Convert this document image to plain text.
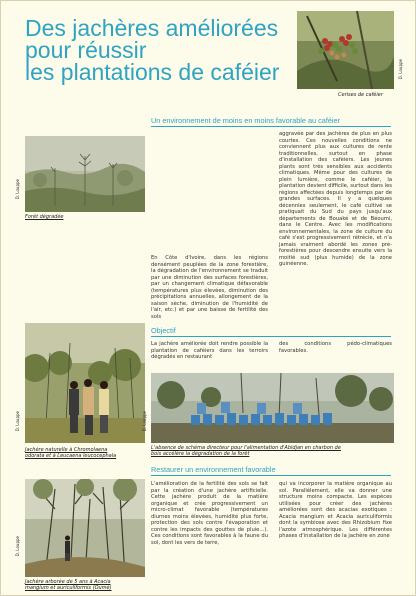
Des jachères améliorées
pour réussir
les plantations de caféier	D. Louppe
Cerises de caféier
Un environnement de moins en moins favorable au caféier
D. Louppe
Forêt dégradée
En Côte d'Ivoire, dans les régions densément peuplées de la zone forestière, la dégradation de l'environnement se traduit par une diminution des surfaces forestières, par un changement climatique défavorable (températures plus élevées, diminution des précipitations annuelles, allongement de la saison sèche, diminution de l'humidité de l'air, etc.) et par une baisse de fertilité des sols
aggravée par des jachères de plus en plus courtes. Ces nouvelles conditions ne conviennent plus aux cultures de rente traditionnelles, surtout en phase d'installation des caféiers. Les jeunes plants sont très sensibles aux accidents climatiques. Même pour des cultures de plein lumière, comme le caféier, la plantation devient difficile, surtout dans les régions affectées depuis longtemps par de grandes surfaces. Il y a quelques décennies seulement, le café cultivé se pratiquait du Sud du pays jusqu'aux départements de Bouaké et de Béoumi, dans le Centre. Avec les modifications environnementales, la zone de culture du café s'est progressivement rétrécie, et n'a jamais vraiment abordé les zones pré-forestières pour descendre ensuite vers la moitié sud (plus humide) de la zone guinéenne.
Objectif
La jachère améliorée doit rendre possible la plantation de caféiers dans les terroirs dégradés en restaurant
des conditions pédo-climatiques favorables.
D. Louppe
Jachère naturelle à Chromolaena
odorata et à Leucaena leucocephala
D. Louppe
L'absence de schéma directeur pour l'alimentation d'Abidjan en charbon de
bois accélère la dégradation de la forêt
Restaurer un environnement favorable
L'amélioration de la fertilité des sols se fait par la création d'une jachère artificielle. Cette jachère produit de la matière organique et crée progressivement un micro-climat favorable (températures diurnes moins élevées, humidité plus forte, protection des sols contre l'évaporation et contre les impacts des gouttes de pluie...). Ces conditions sont favorables à la faune du sol, dont les vers de terre,
qui va incorporer la matière organique au sol. Parallèlement, elle va donner une structure moins compacte. Les espèces utilisées pour créer des jachères améliorées sont des acacias exotiques : Acacia mangium et Acacia auriculiformis dont la symbiose avec des Rhizobium fixe l'azote atmosphérique. Les différentes phases d'installation de la jachère en zone
D. Louppe
Jachère arborée de 5 ans à Acacia
mangium et auriculiformis (Oumé)
